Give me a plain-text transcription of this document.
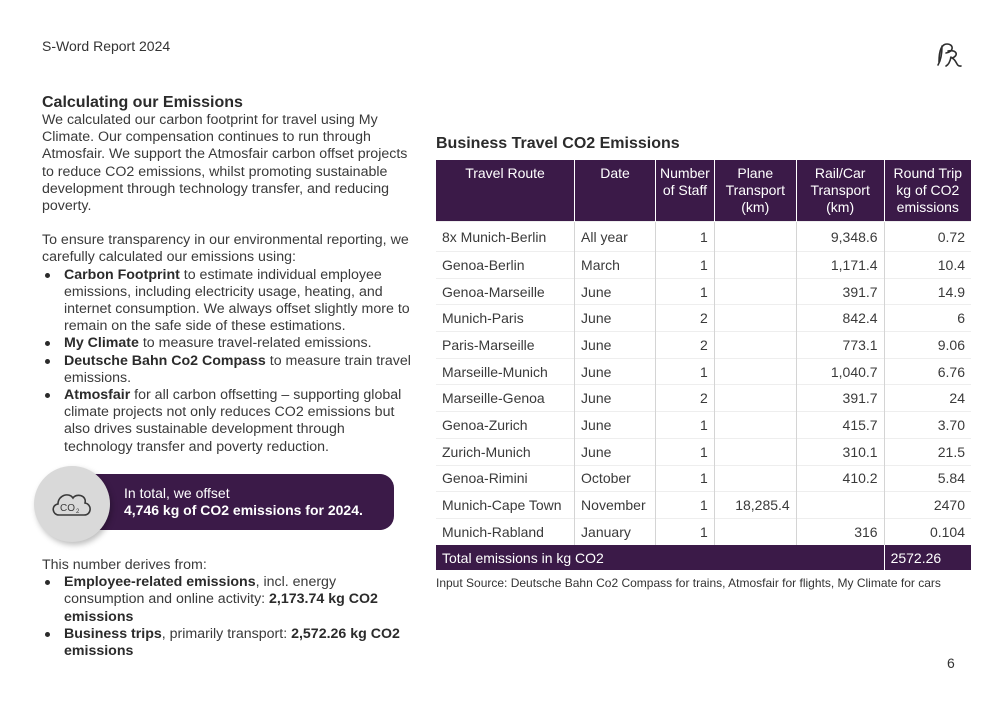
S-Word Report 2024
Calculating our Emissions

We calculated our carbon footprint for travel using My Climate. Our compensation continues to run through Atmosfair. We support the Atmosfair carbon offset projects to reduce CO2 emissions, whilst promoting sustainable development through technology transfer, and reducing poverty.

To ensure transparency in our environmental reporting, we carefully calculated our emissions using:

Carbon Footprint to estimate individual employee emissions, including electricity usage, heating, and internet consumption. We always offset slightly more to remain on the safe side of these estimations.
My Climate to measure travel-related emissions.
Deutsche Bahn Co2 Compass to measure train travel emissions.
Atmosfair for all carbon offsetting – supporting global climate projects not only reduces CO2 emissions but also drives sustainable development through technology transfer and poverty reduction.
In total, we offset
4,746 kg of CO2 emissions for 2024.
CO 2

This number derives from:

Employee-related emissions, incl. energy consumption and online activity: 2,173.74 kg CO2 emissions
Business trips, primarily transport: 2,572.26 kg CO2 emissions
Business Travel CO2 Emissions
Travel Route	Date	Number of Staff	Plane Transport (km)	Rail/Car Transport (km)	Round Trip kg of CO2 emissions
8x Munich-Berlin	All year	1		9,348.6	0.72
Genoa-Berlin	March	1		1,171.4	10.4
Genoa-Marseille	June	1		391.7	14.9
Munich-Paris	June	2		842.4	6
Paris-Marseille	June	2		773.1	9.06
Marseille-Munich	June	1		1,040.7	6.76
Marseille-Genoa	June	2		391.7	24
Genoa-Zurich	June	1		415.7	3.70
Zurich-Munich	June	1		310.1	21.5
Genoa-Rimini	October	1		410.2	5.84
Munich-Cape Town	November	1	18,285.4		2470
Munich-Rabland	January	1		316	0.104
Total emissions in kg CO2					2572.26
Input Source: Deutsche Bahn Co2 Compass for trains, Atmosfair for flights, My Climate for cars
6
